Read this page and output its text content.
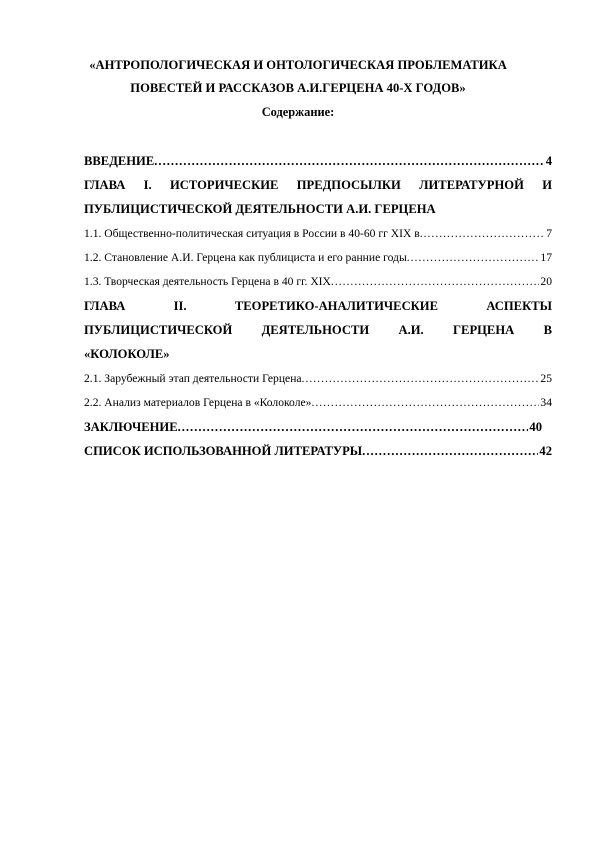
«АНТРОПОЛОГИЧЕСКАЯ И ОНТОЛОГИЧЕСКАЯ ПРОБЛЕМАТИКА
ПОВЕСТЕЙ И РАССКАЗОВ А.И.ГЕРЦЕНА 40-Х ГОДОВ»
Содержание:
ВВЕДЕНИЕ .....	4
ГЛАВА I. ИСТОРИЧЕСКИЕ ПРЕДПОСЫЛКИ ЛИТЕРАТУРНОЙ И
ПУБЛИЦИСТИЧЕСКОЙ ДЕЯТЕЛЬНОСТИ А.И. ГЕРЦЕНА
1.1. Общественно-политическая ситуация в России в 40-60 гг XIX в .....	7
1.2. Становление А.И. Герцена как публициста и его ранние годы .....	17
1.3. Творческая деятельность Герцена в 40 гг. XIX .....	20
ГЛАВА	II.	ТЕОРЕТИКО-АНАЛИТИЧЕСКИЕ	АСПЕКТЫ
ПУБЛИЦИСТИЧЕСКОЙ ДЕЯТЕЛЬНОСТИ А.И. ГЕРЦЕНА В
«КОЛОКОЛЕ»
2.1. Зарубежный этап деятельности Герцена .....	25
2.2. Анализ материалов Герцена в «Колоколе» .....	34
ЗАКЛЮЧЕНИЕ .....	40
СПИСОК ИСПОЛЬЗОВАННОЙ ЛИТЕРАТУРЫ .....	42
